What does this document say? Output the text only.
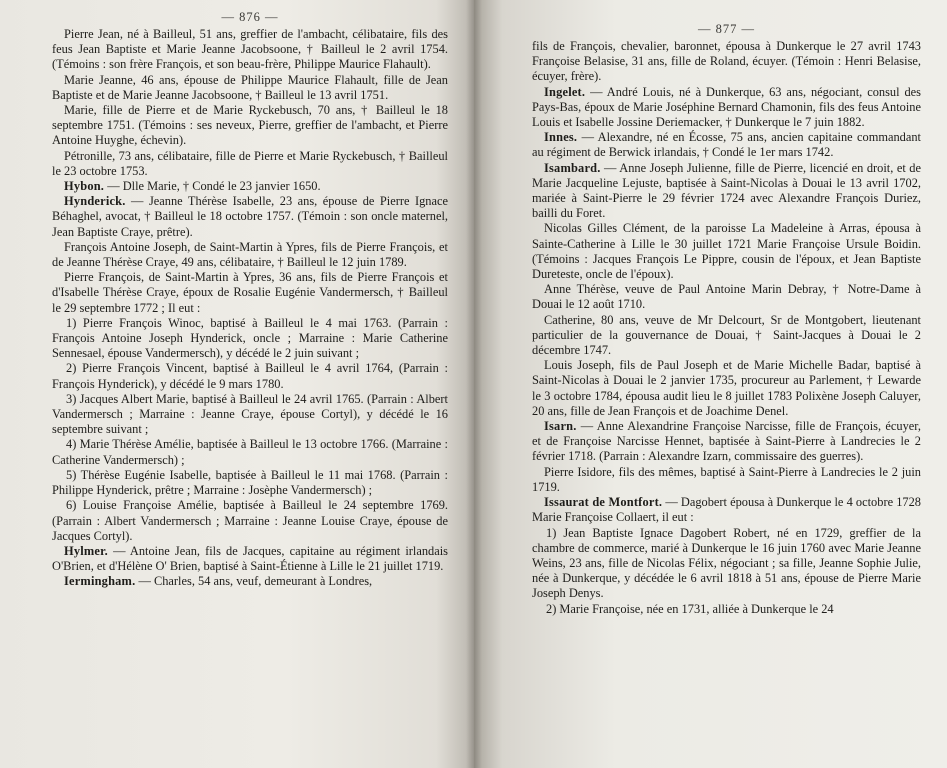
— 876 —

Pierre Jean, né à Bailleul, 51 ans, greffier de l'ambacht, célibataire, fils des feus Jean Baptiste et Marie Jeanne Jacobsoone, † Bailleul le 2 avril 1754. (Témoins : son frère François, et son beau-frère, Philippe Maurice Flahault).

Marie Jeanne, 46 ans, épouse de Philippe Maurice Flahault, fille de Jean Baptiste et de Marie Jeanne Jacobsoone, † Bailleul le 13 avril 1751.

Marie, fille de Pierre et de Marie Ryckebusch, 70 ans, † Bailleul le 18 septembre 1751. (Témoins : ses neveux, Pierre, greffier de l'ambacht, et Pierre Antoine Huyghe, échevin).

Pétronille, 73 ans, célibataire, fille de Pierre et Marie Ryckebusch, † Bailleul le 23 octobre 1753.

Hybon. — Dlle Marie, † Condé le 23 janvier 1650.

Hynderick. — Jeanne Thérèse Isabelle, 23 ans, épouse de Pierre Ignace Béhaghel, avocat, † Bailleul le 18 octobre 1757. (Témoin : son oncle maternel, Jean Baptiste Craye, prêtre).

François Antoine Joseph, de Saint-Martin à Ypres, fils de Pierre François, et de Jeanne Thérèse Craye, 49 ans, célibataire, † Bailleul le 12 juin 1789.

Pierre François, de Saint-Martin à Ypres, 36 ans, fils de Pierre François et d'Isabelle Thérèse Craye, époux de Rosalie Eugénie Vandermersch, † Bailleul le 29 septembre 1772 ; Il eut :

1) Pierre François Winoc, baptisé à Bailleul le 4 mai 1763. (Parrain : François Antoine Joseph Hynderick, oncle ; Marraine : Marie Catherine Sennesael, épouse Vandermersch), y décédé le 2 juin suivant ;

2) Pierre François Vincent, baptisé à Bailleul le 4 avril 1764, (Parrain : François Hynderick), y décédé le 9 mars 1780.

3) Jacques Albert Marie, baptisé à Bailleul le 24 avril 1765. (Parrain : Albert Vandermersch ; Marraine : Jeanne Craye, épouse Cortyl), y décédé le 16 septembre suivant ;

4) Marie Thérèse Amélie, baptisée à Bailleul le 13 octobre 1766. (Marraine : Catherine Vandermersch) ;

5) Thérèse Eugénie Isabelle, baptisée à Bailleul le 11 mai 1768. (Parrain : Philippe Hynderick, prêtre ; Marraine : Josèphe Vandermersch) ;

6) Louise Françoise Amélie, baptisée à Bailleul le 24 septembre 1769. (Parrain : Albert Vandermersch ; Marraine : Jeanne Louise Craye, épouse de Jacques Cortyl).

Hylmer. — Antoine Jean, fils de Jacques, capitaine au régiment irlandais O'Brien, et d'Hélène O' Brien, baptisé à Saint-Étienne à Lille le 21 juillet 1719.

Iermingham. — Charles, 54 ans, veuf, demeurant à Londres,

— 877 —

fils de François, chevalier, baronnet, épousa à Dunkerque le 27 avril 1743 Françoise Belasise, 31 ans, fille de Roland, écuyer. (Témoin : Henri Belasise, écuyer, frère).

Ingelet. — André Louis, né à Dunkerque, 63 ans, négociant, consul des Pays-Bas, époux de Marie Joséphine Bernard Chamonin, fils des feus Antoine Louis et Isabelle Jossine Deriemacker, † Dunkerque le 7 juin 1882.

Innes. — Alexandre, né en Écosse, 75 ans, ancien capitaine commandant au régiment de Berwick irlandais, † Condé le 1er mars 1742.

Isambard. — Anne Joseph Julienne, fille de Pierre, licencié en droit, et de Marie Jacqueline Lejuste, baptisée à Saint-Nicolas à Douai le 13 avril 1702, mariée à Saint-Pierre le 29 février 1724 avec Alexandre François Duriez, bailli du Foret.

Nicolas Gilles Clément, de la paroisse La Madeleine à Arras, épousa à Sainte-Catherine à Lille le 30 juillet 1721 Marie Françoise Ursule Boidin. (Témoins : Jacques François Le Pippre, cousin de l'époux, et Jean Baptiste Dureteste, oncle de l'époux).

Anne Thérèse, veuve de Paul Antoine Marin Debray, † Notre-Dame à Douai le 12 août 1710.

Catherine, 80 ans, veuve de Mr Delcourt, Sr de Montgobert, lieutenant particulier de la gouvernance de Douai, † Saint-Jacques à Douai le 2 décembre 1747.

Louis Joseph, fils de Paul Joseph et de Marie Michelle Badar, baptisé à Saint-Nicolas à Douai le 2 janvier 1735, procureur au Parlement, † Lewarde le 3 octobre 1784, épousa audit lieu le 8 juillet 1783 Polixène Joseph Caluyer, 20 ans, fille de Jean François et de Joachime Denel.

Isarn. — Anne Alexandrine Françoise Narcisse, fille de François, écuyer, et de Françoise Narcisse Hennet, baptisée à Saint-Pierre à Landrecies le 2 février 1718. (Parrain : Alexandre Izarn, commissaire des guerres).

Pierre Isidore, fils des mêmes, baptisé à Saint-Pierre à Landrecies le 2 juin 1719.

Issaurat de Montfort. — Dagobert épousa à Dunkerque le 4 octobre 1728 Marie Françoise Collaert, il eut :

1) Jean Baptiste Ignace Dagobert Robert, né en 1729, greffier de la chambre de commerce, marié à Dunkerque le 16 juin 1760 avec Marie Jeanne Weins, 23 ans, fille de Nicolas Félix, négociant ; sa fille, Jeanne Sophie Julie, née à Dunkerque, y décédée le 6 avril 1818 à 51 ans, épouse de Pierre Marie Joseph Denys.

2) Marie Françoise, née en 1731, alliée à Dunkerque le 24
